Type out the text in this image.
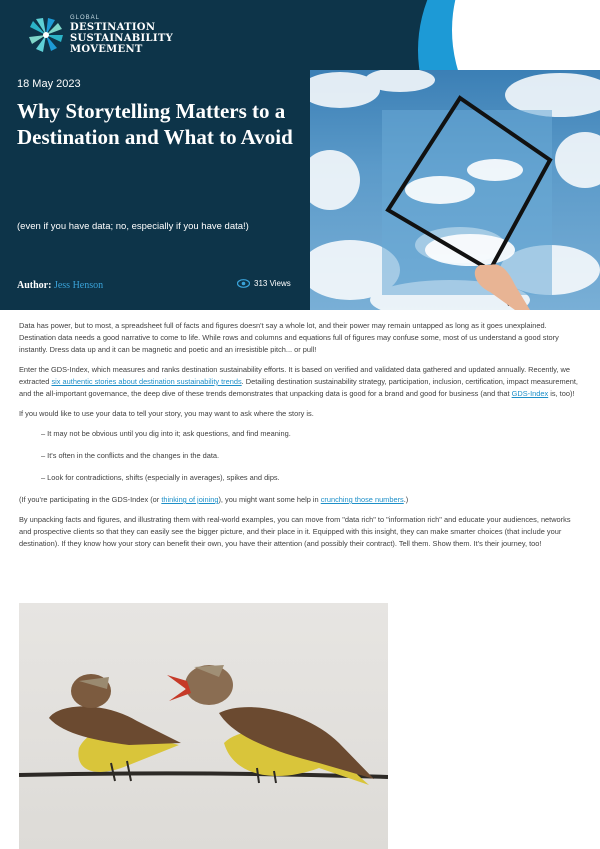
GLOBAL
DESTINATION
SUSTAINABILITY
MOVEMENT
18 May 2023
Why Storytelling Matters to a Destination and What to Avoid
(even if you have data; no, especially if you have data!)
Author: Jess Henson	313 Views

Data has power, but to most, a spreadsheet full of facts and figures doesn't say a whole lot, and their power may remain untapped as long as it goes unexplained. Destination data needs a good narrative to come to life. While rows and columns and equations full of figures may confuse some, most of us understand a good story instantly. Dress data up and it can be magnetic and poetic and an irresistible pitch... or pull!

Enter the GDS-Index, which measures and ranks destination sustainability efforts. It is based on verified and validated data gathered and updated annually. Recently, we extracted six authentic stories about destination sustainability trends. Detailing destination sustainability strategy, participation, inclusion, certification, impact measurement, and the all-important governance, the deep dive of these trends demonstrates that unpacking data is good for a brand and good for business (and that GDS-Index is, too)!

If you would like to use your data to tell your story, you may want to ask where the story is.

– It may not be obvious until you dig into it; ask questions, and find meaning.
– It's often in the conflicts and the changes in the data.
– Look for contradictions, shifts (especially in averages), spikes and dips.

(If you're participating in the GDS-Index (or thinking of joining), you might want some help in crunching those numbers.)

By unpacking facts and figures, and illustrating them with real-world examples, you can move from "data rich" to "information rich" and educate your audiences, networks and prospective clients so that they can easily see the bigger picture, and their place in it. Equipped with this insight, they can make smarter choices (that include your destination). If they know how your story can benefit their own, you have their attention (and possibly their contract). Tell them. Show them. It's their journey, too!
